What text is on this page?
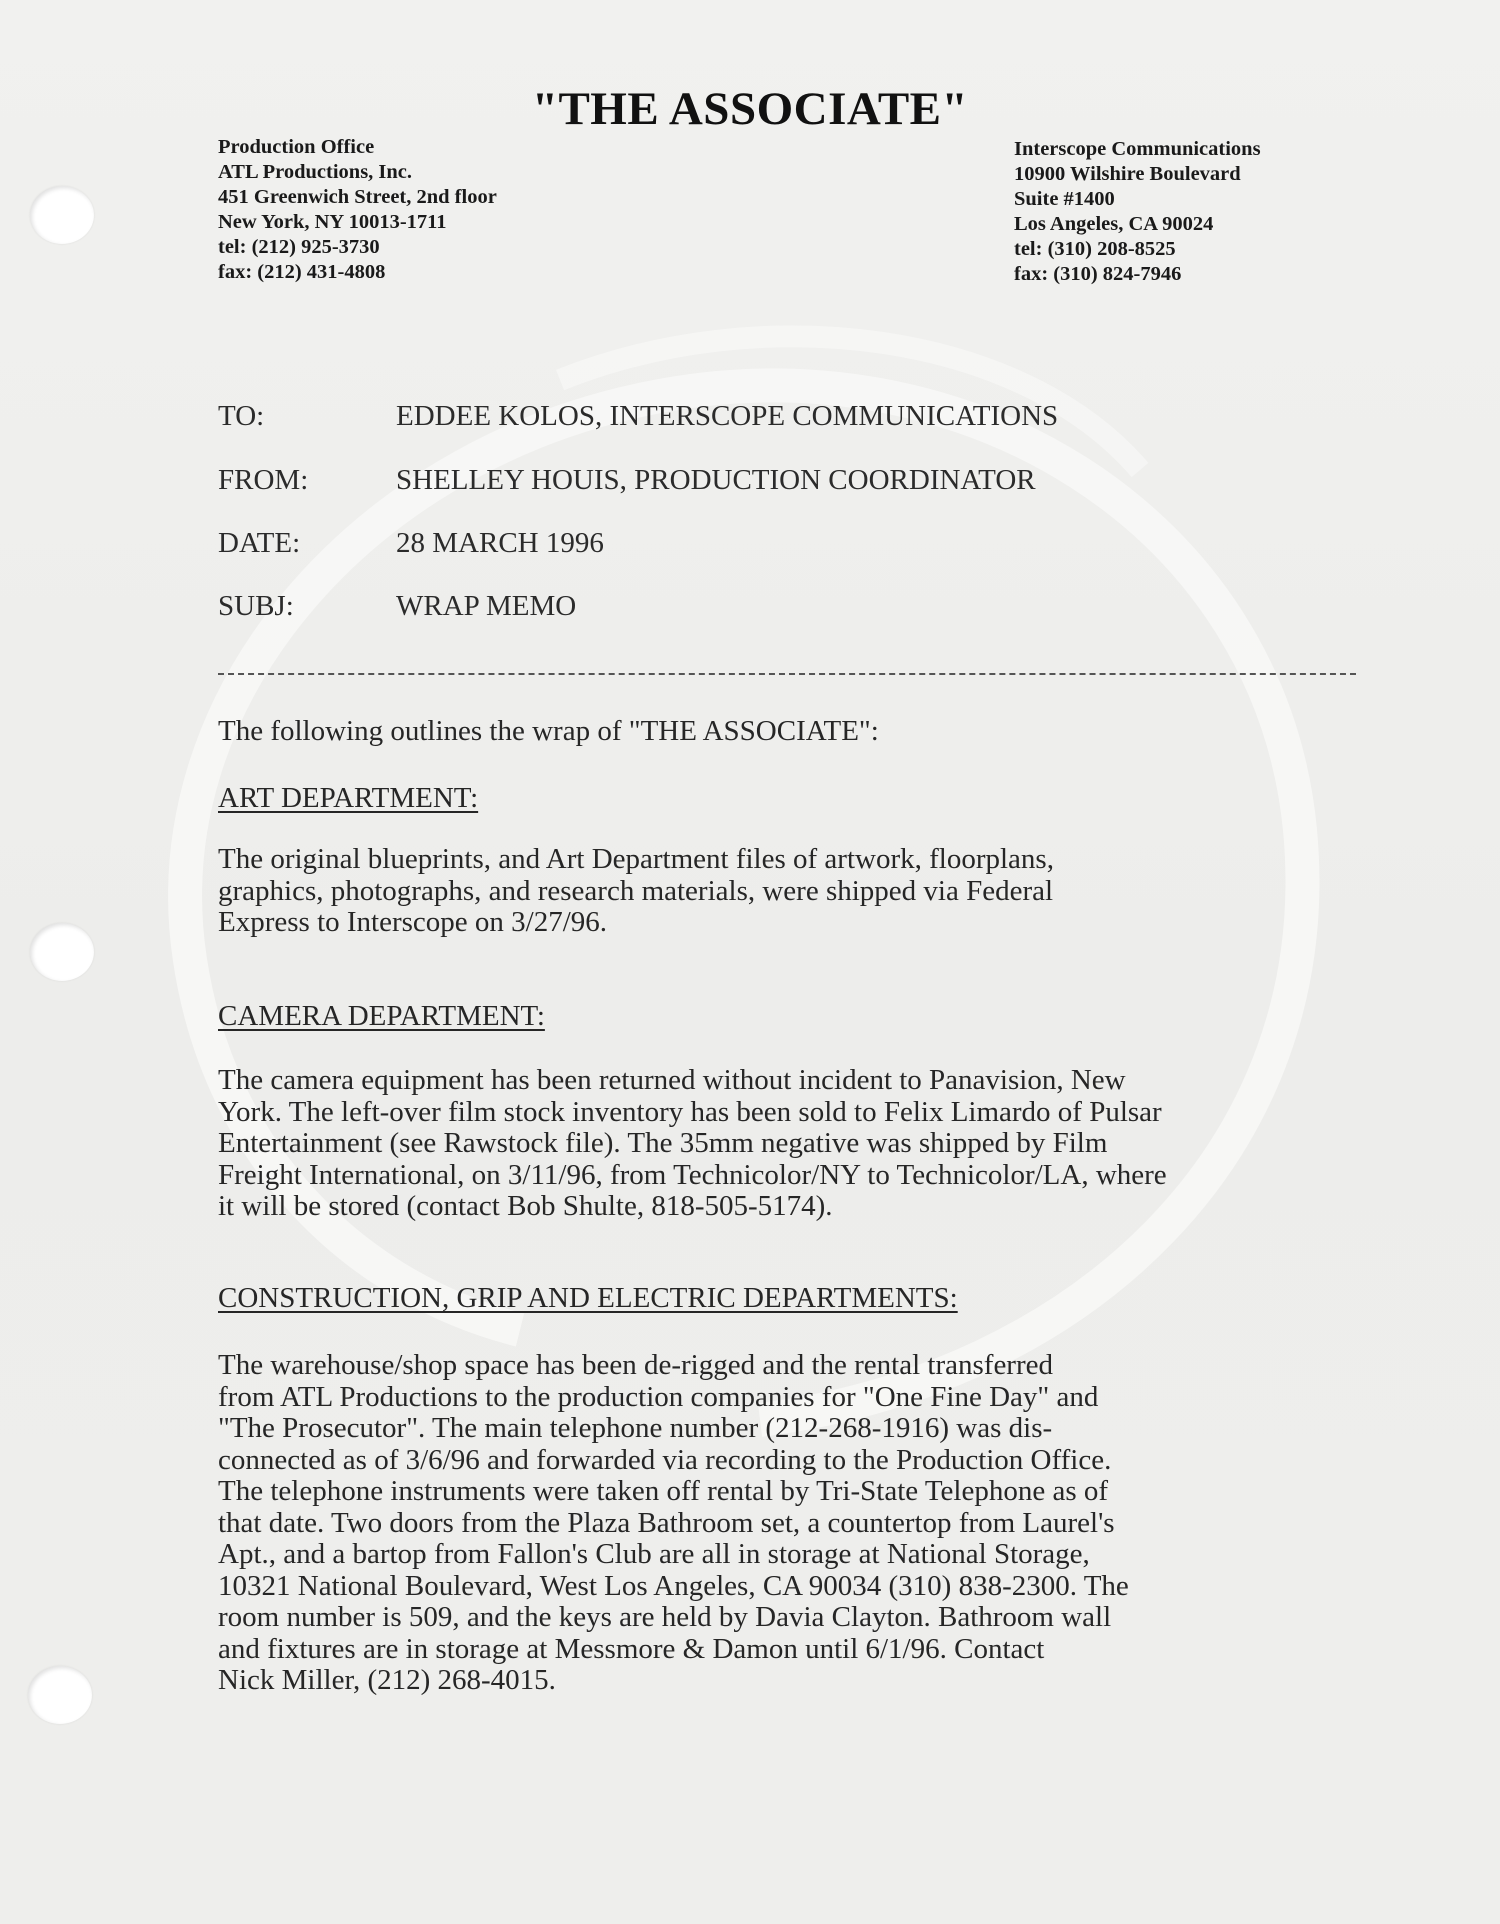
"THE ASSOCIATE"
Production Office
ATL Productions, Inc.
451 Greenwich Street, 2nd floor
New York, NY 10013-1711
tel: (212) 925-3730
fax: (212) 431-4808
Interscope Communications
10900 Wilshire Boulevard
Suite #1400
Los Angeles, CA 90024
tel: (310) 208-8525
fax: (310) 824-7946
TO:	EDDEE KOLOS, INTERSCOPE COMMUNICATIONS
FROM:	SHELLEY HOUIS, PRODUCTION COORDINATOR
DATE:	28 MARCH 1996
SUBJ:	WRAP MEMO
The following outlines the wrap of "THE ASSOCIATE":
ART DEPARTMENT:
The original blueprints, and Art Department files of artwork, floorplans,
graphics, photographs, and research materials, were shipped via Federal
Express to Interscope on 3/27/96.
CAMERA DEPARTMENT:
The camera equipment has been returned without incident to Panavision, New
York. The left-over film stock inventory has been sold to Felix Limardo of Pulsar
Entertainment (see Rawstock file). The 35mm negative was shipped by Film
Freight International, on 3/11/96, from Technicolor/NY to Technicolor/LA, where
it will be stored (contact Bob Shulte, 818-505-5174).
CONSTRUCTION, GRIP AND ELECTRIC DEPARTMENTS:
The warehouse/shop space has been de-rigged and the rental transferred
from ATL Productions to the production companies for "One Fine Day" and
"The Prosecutor". The main telephone number (212-268-1916) was dis-
connected as of 3/6/96 and forwarded via recording to the Production Office.
The telephone instruments were taken off rental by Tri-State Telephone as of
that date. Two doors from the Plaza Bathroom set, a countertop from Laurel's
Apt., and a bartop from Fallon's Club are all in storage at National Storage,
10321 National Boulevard, West Los Angeles, CA 90034 (310) 838-2300. The
room number is 509, and the keys are held by Davia Clayton. Bathroom wall
and fixtures are in storage at Messmore & Damon until 6/1/96. Contact
Nick Miller, (212) 268-4015.
